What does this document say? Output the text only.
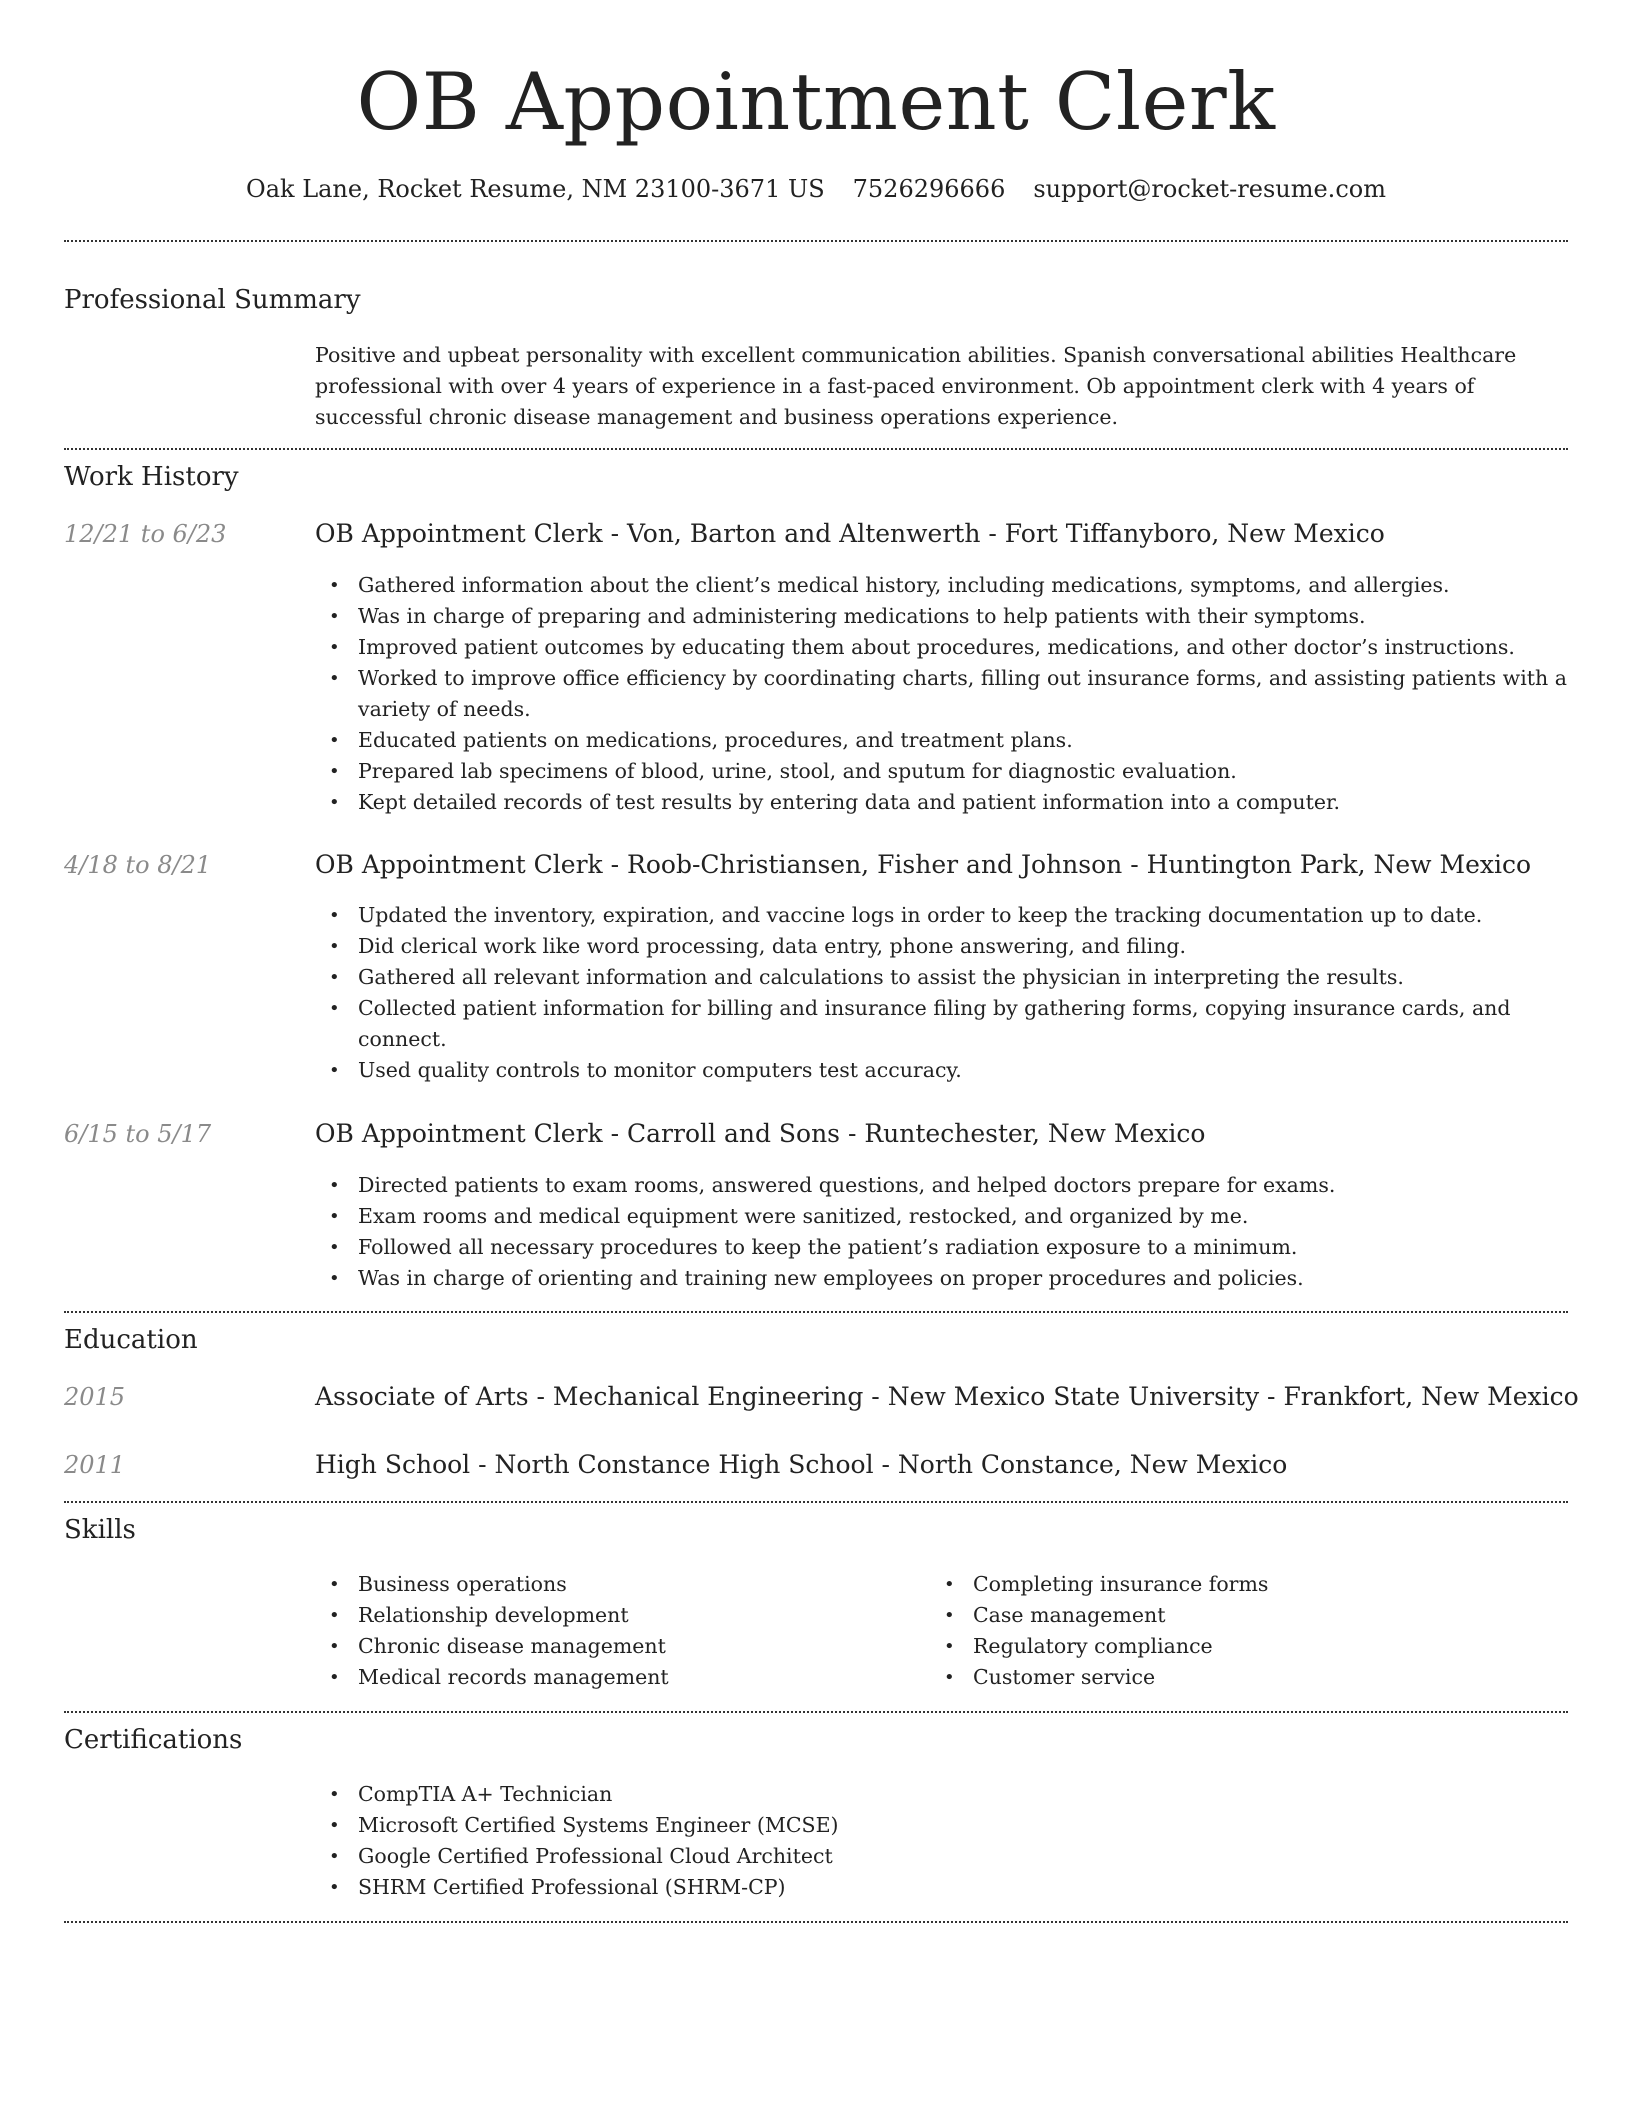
OB Appointment Clerk
Oak Lane, Rocket Resume, NM 23100-3671 US 7526296666 support@rocket-resume.com
Professional Summary

Positive and upbeat personality with excellent communication abilities. Spanish conversational abilities Healthcare professional with over 4 years of experience in a fast-paced environment. Ob appointment clerk with 4 years of successful chronic disease management and business operations experience.

Work History
12/21 to 6/23	OB Appointment Clerk - Von, Barton and Altenwerth - Fort Tiffanyboro, New Mexico
• Gathered information about the client’s medical history, including medications, symptoms, and allergies.
• Was in charge of preparing and administering medications to help patients with their symptoms.
• Improved patient outcomes by educating them about procedures, medications, and other doctor’s instructions.
• Worked to improve office efficiency by coordinating charts, filling out insurance forms, and assisting patients with a variety of needs.
• Educated patients on medications, procedures, and treatment plans.
• Prepared lab specimens of blood, urine, stool, and sputum for diagnostic evaluation.
• Kept detailed records of test results by entering data and patient information into a computer.
4/18 to 8/21	OB Appointment Clerk - Roob-Christiansen, Fisher and Johnson - Huntington Park, New Mexico
• Updated the inventory, expiration, and vaccine logs in order to keep the tracking documentation up to date.
• Did clerical work like word processing, data entry, phone answering, and filing.
• Gathered all relevant information and calculations to assist the physician in interpreting the results.
• Collected patient information for billing and insurance filing by gathering forms, copying insurance cards, and connect.
• Used quality controls to monitor computers test accuracy.
6/15 to 5/17	OB Appointment Clerk - Carroll and Sons - Runtechester, New Mexico
• Directed patients to exam rooms, answered questions, and helped doctors prepare for exams.
• Exam rooms and medical equipment were sanitized, restocked, and organized by me.
• Followed all necessary procedures to keep the patient’s radiation exposure to a minimum.
• Was in charge of orienting and training new employees on proper procedures and policies.
Education
2015	Associate of Arts - Mechanical Engineering - New Mexico State University - Frankfort, New Mexico
2011	High School - North Constance High School - North Constance, New Mexico
Skills
• Business operations
• Relationship development
• Chronic disease management
• Medical records management
• Completing insurance forms
• Case management
• Regulatory compliance
• Customer service
Certifications
• CompTIA A+ Technician
• Microsoft Certified Systems Engineer (MCSE)
• Google Certified Professional Cloud Architect
• SHRM Certified Professional (SHRM-CP)
